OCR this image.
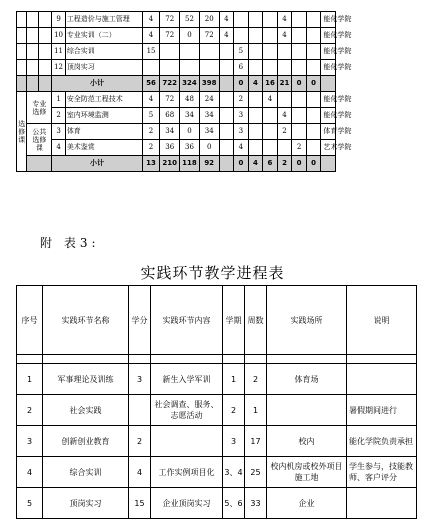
			9	工程造价与施工管理	4	72	52	20	4				4			能化学院
			10	专业实训（二）	4	72	0	72	4				4			能化学院
			11	综合实训	15					5						能化学院
			12	顶岗实习						6						能化学院
			小计		56	722	324	398		0	4	16	21	0	0	
选修课	专业选修		1	安全防范工程技术	4	72	48	24		2		4				能化学院
			2	室内环境监测	5	68	34	34		3			4			能化学院
	公共选修课		3	体育	2	34	0	34		3			2			体育学院
			4	美术鉴赏	2	36	36	0		4				2		艺术学院
			小计		13	210	118	92		0	4	6	2	0	0	
附 表3:
实践环节教学进程表
序号	实践环节名称	学分	实践环节内容	学期	周数	实践场所	说明

1	军事理论及训练	3	新生入学军训	1	2	体育场	
2	社会实践		社会调查、服务、志愿活动	2	1		暑假期间进行
3	创新创业教育	2		3	17	校内	能化学院负责承担
4	综合实训	4	工作实例项目化	3、4	25	校内机房或校外项目施工地	学生参与，技能教师、客户评分
5	顶岗实习	15	企业顶岗实习	5、6	33	企业	
